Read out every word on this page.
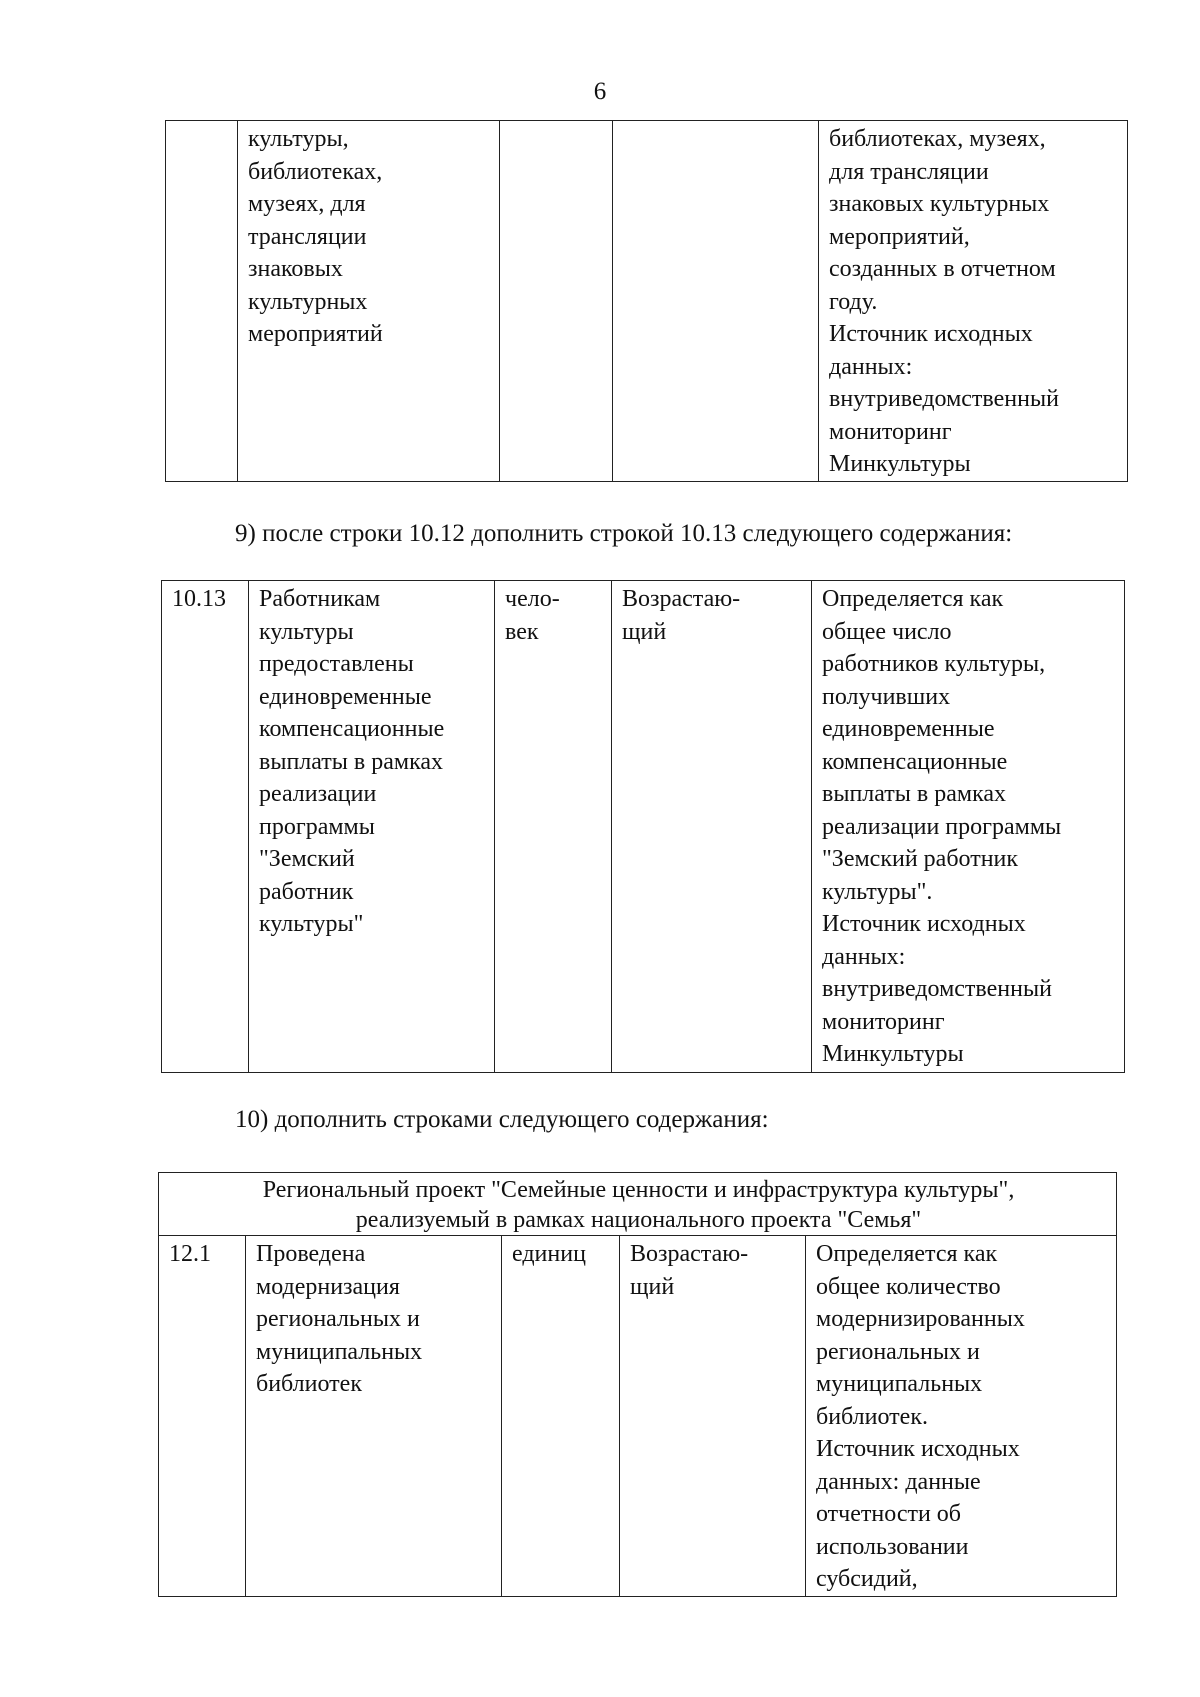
6
	культуры,
библиотеках,
музеях, для
трансляции
знаковых
культурных
мероприятий			библиотеках, музеях,
для трансляции
знаковых культурных
мероприятий,
созданных в отчетном
году.
Источник исходных
данных:
внутриведомственный
мониторинг
Минкультуры
9) после строки 10.12 дополнить строкой 10.13 следующего содержания:
10.13	Работникам
культуры
предоставлены
единовременные
компенсационные
выплаты в рамках
реализации
программы
"Земский
работник
культуры"	чело-
век	Возрастаю-
щий	Определяется как
общее число
работников культуры,
получивших
единовременные
компенсационные
выплаты в рамках
реализации программы
"Земский работник
культуры".
Источник исходных
данных:
внутриведомственный
мониторинг
Минкультуры
10) дополнить строками следующего содержания:
Региональный проект "Семейные ценности и инфраструктура культуры",
реализуемый в рамках национального проекта "Семья"
12.1	Проведена
модернизация
региональных и
муниципальных
библиотек	единиц	Возрастаю-
щий	Определяется как
общее количество
модернизированных
региональных и
муниципальных
библиотек.
Источник исходных
данных: данные
отчетности об
использовании
субсидий,
